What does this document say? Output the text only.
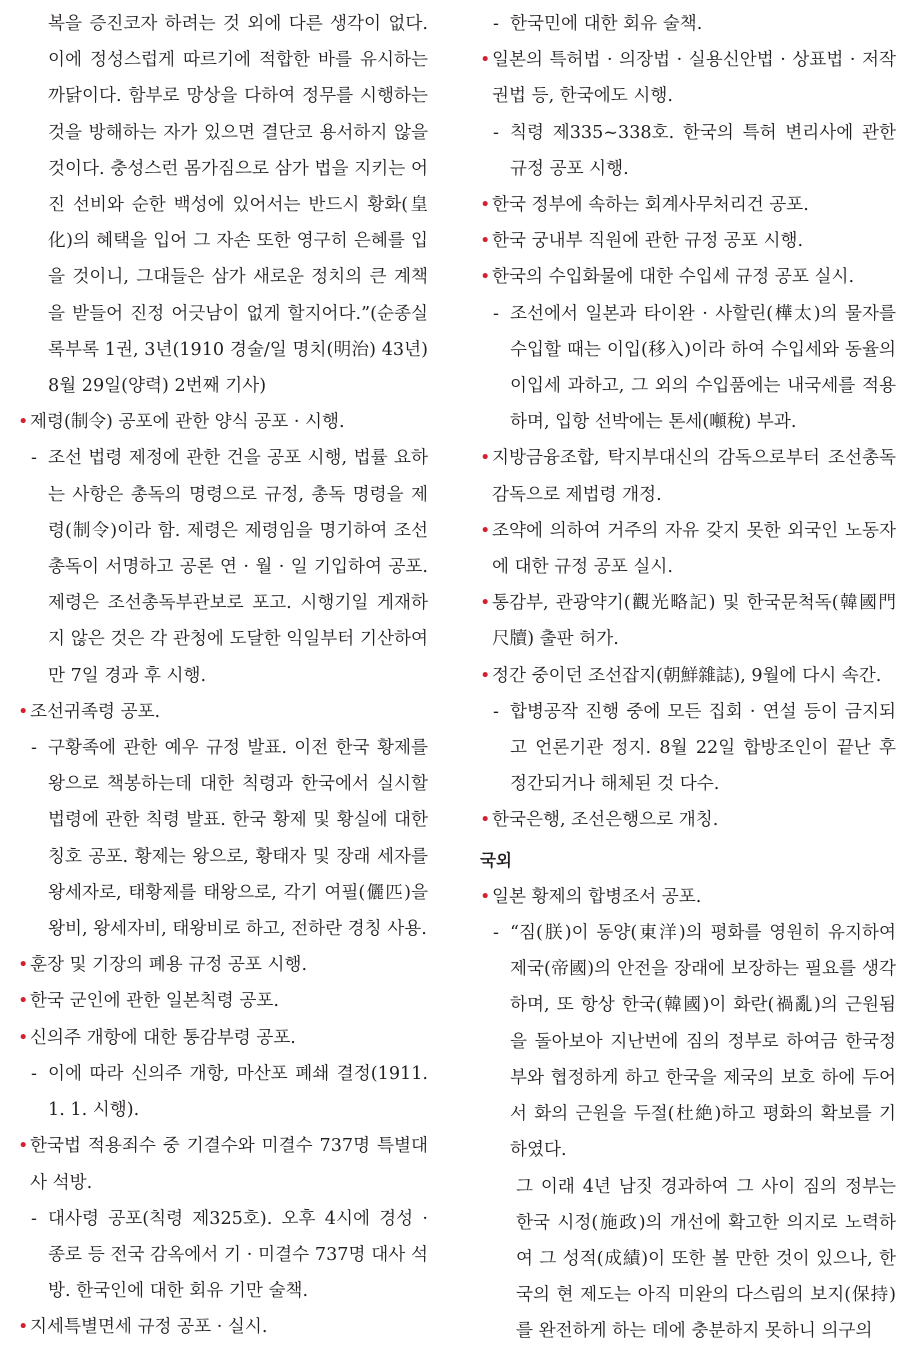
복을 증진코자 하려는 것 외에 다른 생각이 없다. 이에 정성스럽게 따르기에 적합한 바를 유시하는 까닭이다. 함부로 망상을 다하여 정무를 시행하는 것을 방해하는 자가 있으면 결단코 용서하지 않을 것이다. 충성스런 몸가짐으로 삼가 법을 지키는 어진 선비와 순한 백성에 있어서는 반드시 황화(皇化)의 혜택을 입어 그 자손 또한 영구히 은혜를 입을 것이니, 그대들은 삼가 새로운 정치의 큰 계책을 받들어 진정 어긋남이 없게 할지어다.”(순종실록부록 1권, 3년(1910 경술/일 명치(明治) 43년) 8월 29일(양력) 2번째 기사)
• 제령(制令) 공포에 관한 양식 공포 · 시행.
- 조선 법령 제정에 관한 건을 공포 시행, 법률 요하는 사항은 총독의 명령으로 규정, 총독 명령을 제령(制令)이라 함. 제령은 제령임을 명기하여 조선총독이 서명하고 공론 연 · 월 · 일 기입하여 공포. 제령은 조선총독부관보로 포고. 시행기일 게재하지 않은 것은 각 관청에 도달한 익일부터 기산하여 만 7일 경과 후 시행.
• 조선귀족령 공포.
- 구황족에 관한 예우 규정 발표. 이전 한국 황제를 왕으로 책봉하는데 대한 칙령과 한국에서 실시할 법령에 관한 칙령 발표. 한국 황제 및 황실에 대한 칭호 공포. 황제는 왕으로, 황태자 및 장래 세자를 왕세자로, 태황제를 태왕으로, 각기 여필(儷匹)을 왕비, 왕세자비, 태왕비로 하고, 전하란 경칭 사용.
• 훈장 및 기장의 폐용 규정 공포 시행.
• 한국 군인에 관한 일본칙령 공포.
• 신의주 개항에 대한 통감부령 공포.
- 이에 따라 신의주 개항, 마산포 폐쇄 결정(1911. 1. 1. 시행).
• 한국법 적용죄수 중 기결수와 미결수 737명 특별대사 석방.
- 대사령 공포(칙령 제325호). 오후 4시에 경성 · 종로 등 전국 감옥에서 기 · 미결수 737명 대사 석방. 한국인에 대한 회유 기만 술책.
• 지세특별면세 규정 공포 · 실시.
- 한국민에 대한 회유 술책.
• 일본의 특허법 · 의장법 · 실용신안법 · 상표법 · 저작권법 등, 한국에도 시행.
- 칙령 제335~338호. 한국의 특허 변리사에 관한 규정 공포 시행.
• 한국 정부에 속하는 회계사무처리건 공포.
• 한국 궁내부 직원에 관한 규정 공포 시행.
• 한국의 수입화물에 대한 수입세 규정 공포 실시.
- 조선에서 일본과 타이완 · 사할린(樺太)의 물자를 수입할 때는 이입(移入)이라 하여 수입세와 동율의 이입세 과하고, 그 외의 수입품에는 내국세를 적용하며, 입항 선박에는 톤세(噸稅) 부과.
• 지방금융조합, 탁지부대신의 감독으로부터 조선총독 감독으로 제법령 개정.
• 조약에 의하여 거주의 자유 갖지 못한 외국인 노동자에 대한 규정 공포 실시.
• 통감부, 관광약기(觀光略記) 및 한국문척독(韓國門尺牘) 출판 허가.
• 정간 중이던 조선잡지(朝鮮雜誌), 9월에 다시 속간.
- 합병공작 진행 중에 모든 집회 · 연설 등이 금지되고 언론기관 정지. 8월 22일 합방조인이 끝난 후 정간되거나 해체된 것 다수.
• 한국은행, 조선은행으로 개칭.
국외
• 일본 황제의 합병조서 공포.
- “짐(朕)이 동양(東洋)의 평화를 영원히 유지하여 제국(帝國)의 안전을 장래에 보장하는 필요를 생각하며, 또 항상 한국(韓國)이 화란(禍亂)의 근원됨을 돌아보아 지난번에 짐의 정부로 하여금 한국정부와 협정하게 하고 한국을 제국의 보호 하에 두어서 화의 근원을 두절(杜絶)하고 평화의 확보를 기하였다.
그 이래 4년 남짓 경과하여 그 사이 짐의 정부는 한국 시정(施政)의 개선에 확고한 의지로 노력하여 그 성적(成績)이 또한 볼 만한 것이 있으나, 한국의 현 제도는 아직 미완의 다스림의 보지(保持)를 완전하게 하는 데에 충분하지 못하니 의구의
